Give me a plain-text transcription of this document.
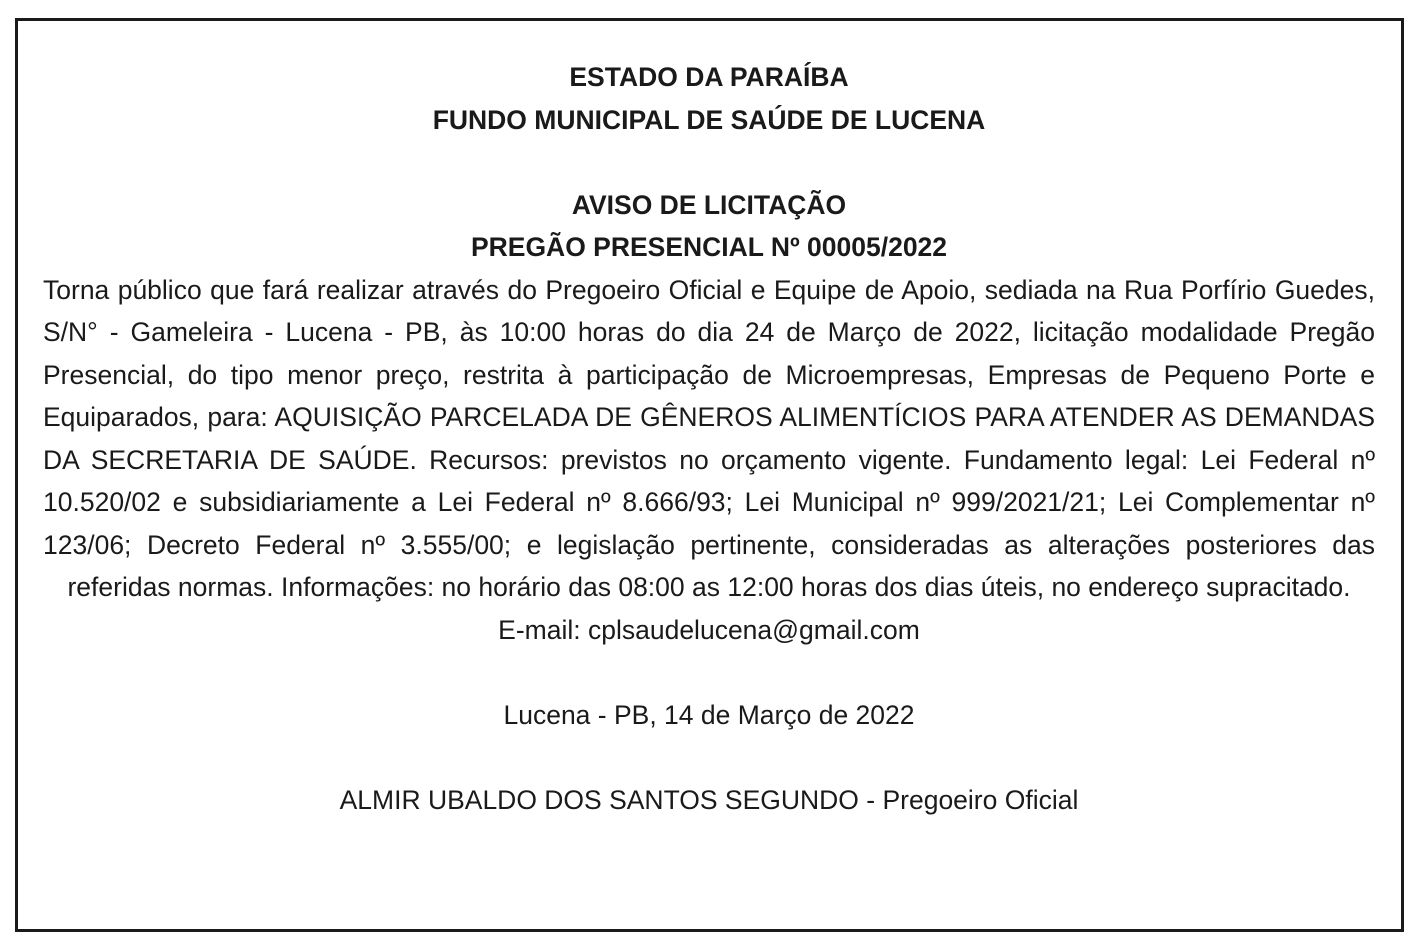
ESTADO DA PARAÍBA

FUNDO MUNICIPAL DE SAÚDE DE LUCENA

AVISO DE LICITAÇÃO

PREGÃO PRESENCIAL Nº 00005/2022

Torna público que fará realizar através do Pregoeiro Oficial e Equipe de Apoio, sediada na Rua Porfírio Guedes, S/N° - Gameleira - Lucena - PB, às 10:00 horas do dia 24 de Março de 2022, licitação modalidade Pregão Presencial, do tipo menor preço, restrita à participação de Microempresas, Empresas de Pequeno Porte e Equiparados, para: AQUISIÇÃO PARCELADA DE GÊNEROS ALIMENTÍCIOS PARA ATENDER AS DEMANDAS DA SECRETARIA DE SAÚDE. Recursos: previstos no orçamento vigente. Fundamento legal: Lei Federal nº 10.520/02 e subsidiariamente a Lei Federal nº 8.666/93; Lei Municipal nº 999/2021/21; Lei Complementar nº 123/06; Decreto Federal nº 3.555/00; e legislação pertinente, consideradas as alterações posteriores das referidas normas. Informações: no horário das 08:00 as 12:00 horas dos dias úteis, no endereço supracitado.

E-mail: cplsaudelucena@gmail.com

Lucena - PB, 14 de Março de 2022

ALMIR UBALDO DOS SANTOS SEGUNDO - Pregoeiro Oficial
